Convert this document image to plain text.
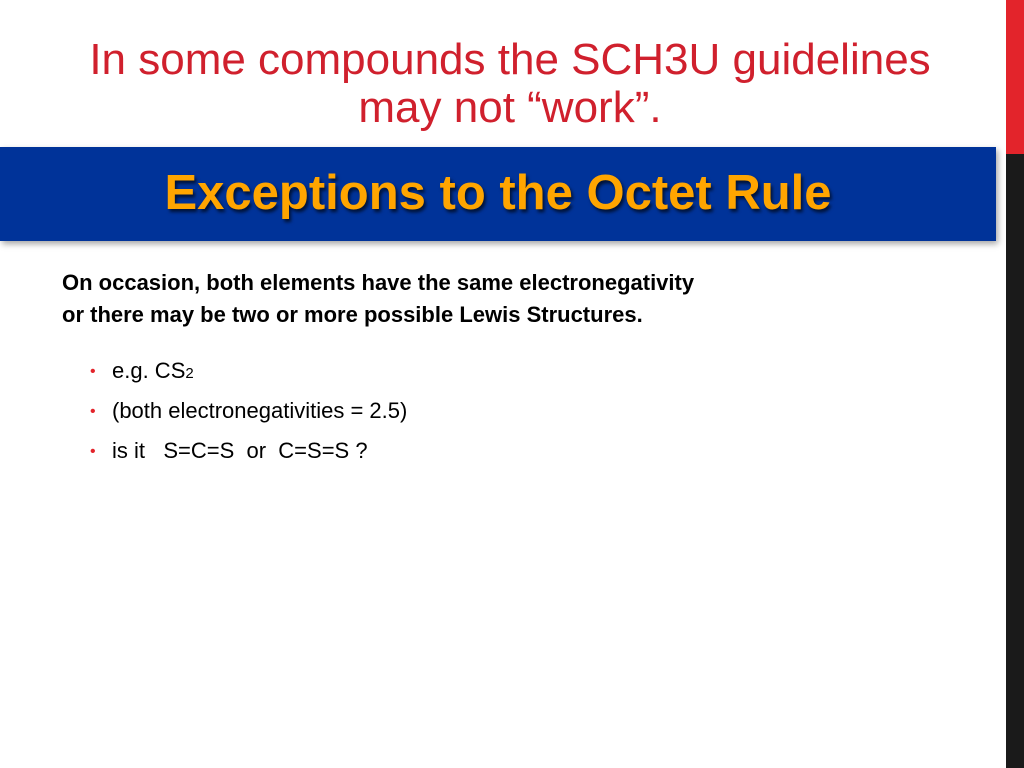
In some compounds the SCH3U guidelines
may not “work”.
Exceptions to the Octet Rule

On occasion, both elements have the same electronegativity

or there may be two or more possible Lewis Structures.

• e.g. CS 2
• (both electronegativities = 2.5)
• is it   S=C=S  or  C=S=S ?
